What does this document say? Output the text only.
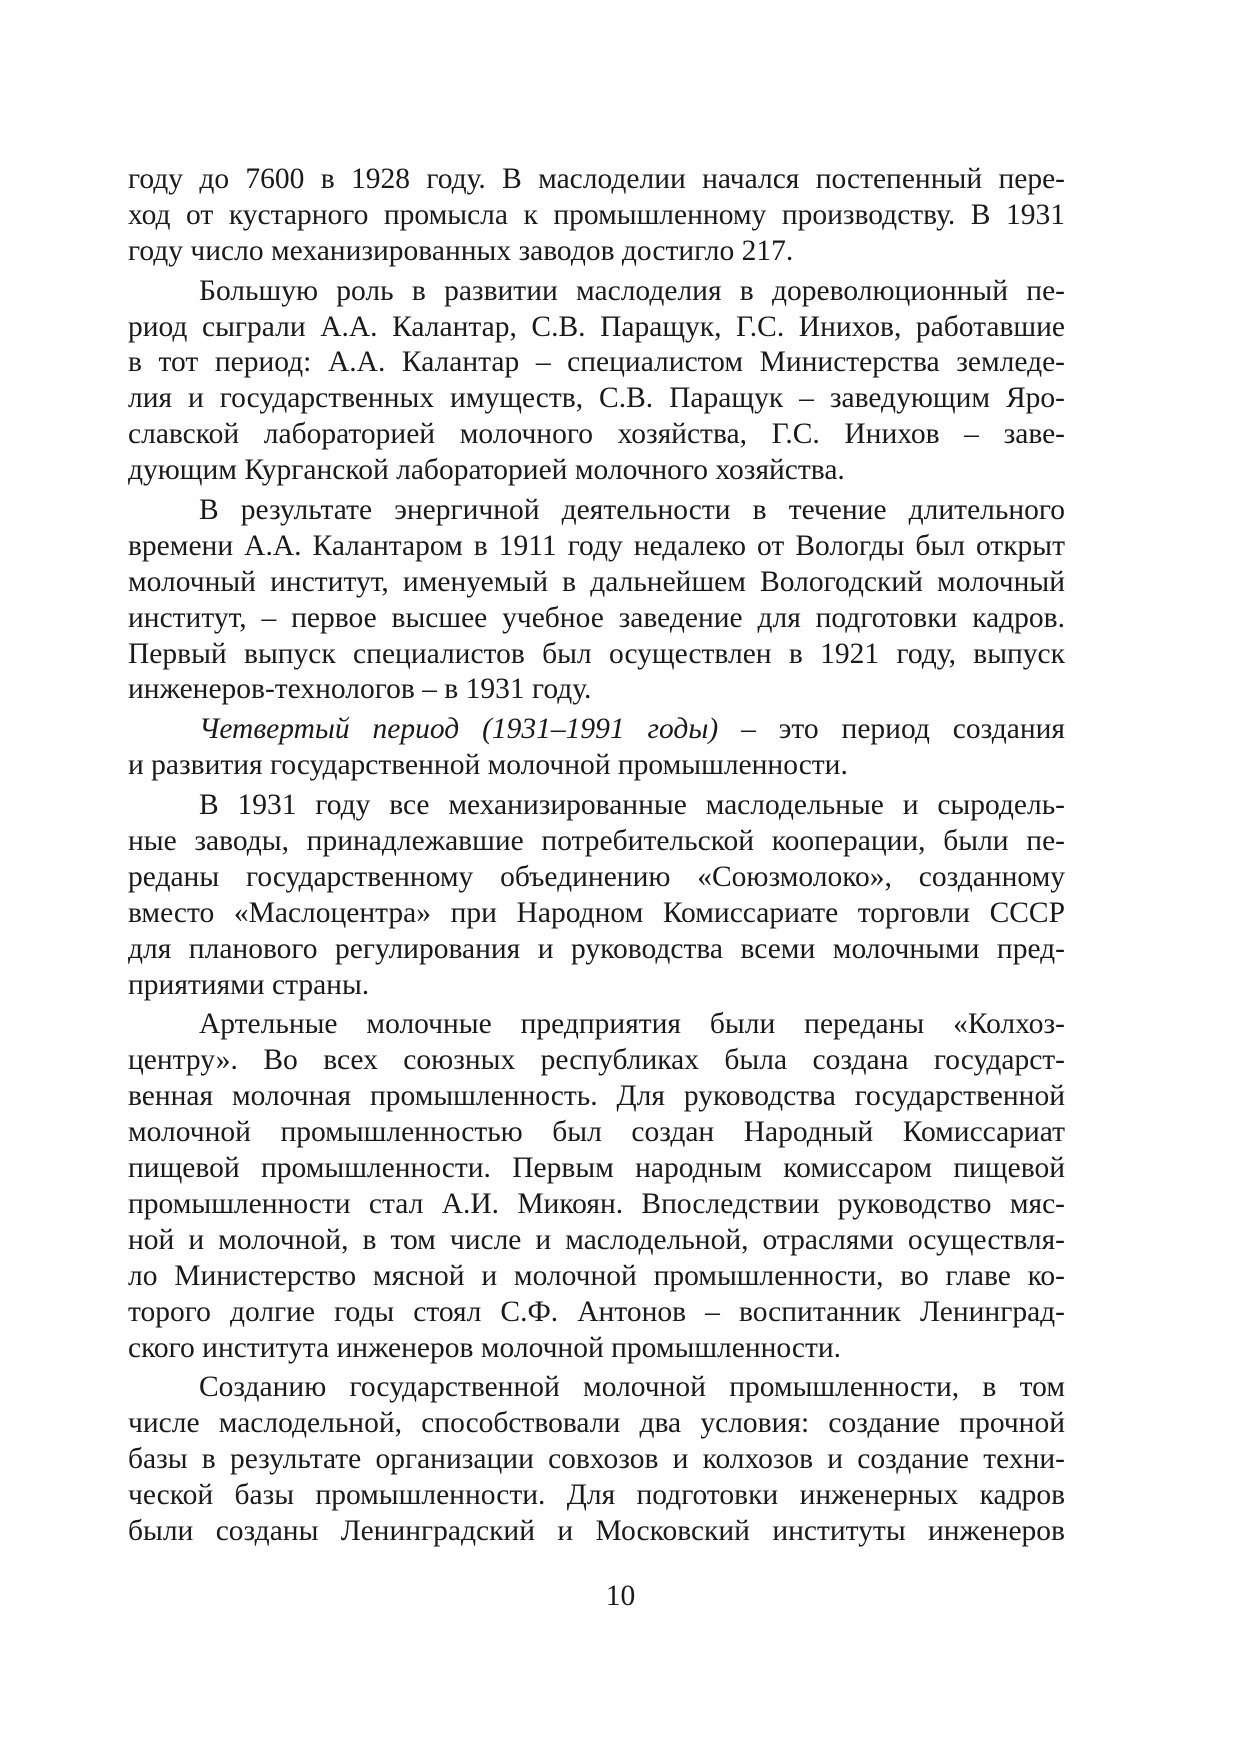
году до 7600 в 1928 году. В маслоделии начался постепенный пере-
ход от кустарного промысла к промышленному производству. В 1931
году число механизированных заводов достигло 217.
Большую роль в развитии маслоделия в дореволюционный пе-
риод сыграли А.А. Калантар, С.В. Паращук, Г.С. Инихов, работавшие
в тот период: А.А. Калантар – специалистом Министерства земледе-
лия и государственных имуществ, С.В. Паращук – заведующим Яро-
славской лабораторией молочного хозяйства, Г.С. Инихов – заве-
дующим Курганской лабораторией молочного хозяйства.
В результате энергичной деятельности в течение длительного
времени А.А. Калантаром в 1911 году недалеко от Вологды был открыт
молочный институт, именуемый в дальнейшем Вологодский молочный
институт, – первое высшее учебное заведение для подготовки кадров.
Первый выпуск специалистов был осуществлен в 1921 году, выпуск
инженеров-технологов – в 1931 году.
Четвертый период (1931–1991 годы) – это период создания
и развития государственной молочной промышленности.
В 1931 году все механизированные маслодельные и сыродель-
ные заводы, принадлежавшие потребительской кооперации, были пе-
реданы государственному объединению «Союзмолоко», созданному
вместо «Маслоцентра» при Народном Комиссариате торговли СССР
для планового регулирования и руководства всеми молочными пред-
приятиями страны.
Артельные молочные предприятия были переданы «Колхоз-
центру». Во всех союзных республиках была создана государст-
венная молочная промышленность. Для руководства государственной
молочной промышленностью был создан Народный Комиссариат
пищевой промышленности. Первым народным комиссаром пищевой
промышленности стал А.И. Микоян. Впоследствии руководство мяс-
ной и молочной, в том числе и маслодельной, отраслями осуществля-
ло Министерство мясной и молочной промышленности, во главе ко-
торого долгие годы стоял С.Ф. Антонов – воспитанник Ленинград-
ского института инженеров молочной промышленности.
Созданию государственной молочной промышленности, в том
числе маслодельной, способствовали два условия: создание прочной
базы в результате организации совхозов и колхозов и создание техни-
ческой базы промышленности. Для подготовки инженерных кадров
были созданы Ленинградский и Московский институты инженеров
10
